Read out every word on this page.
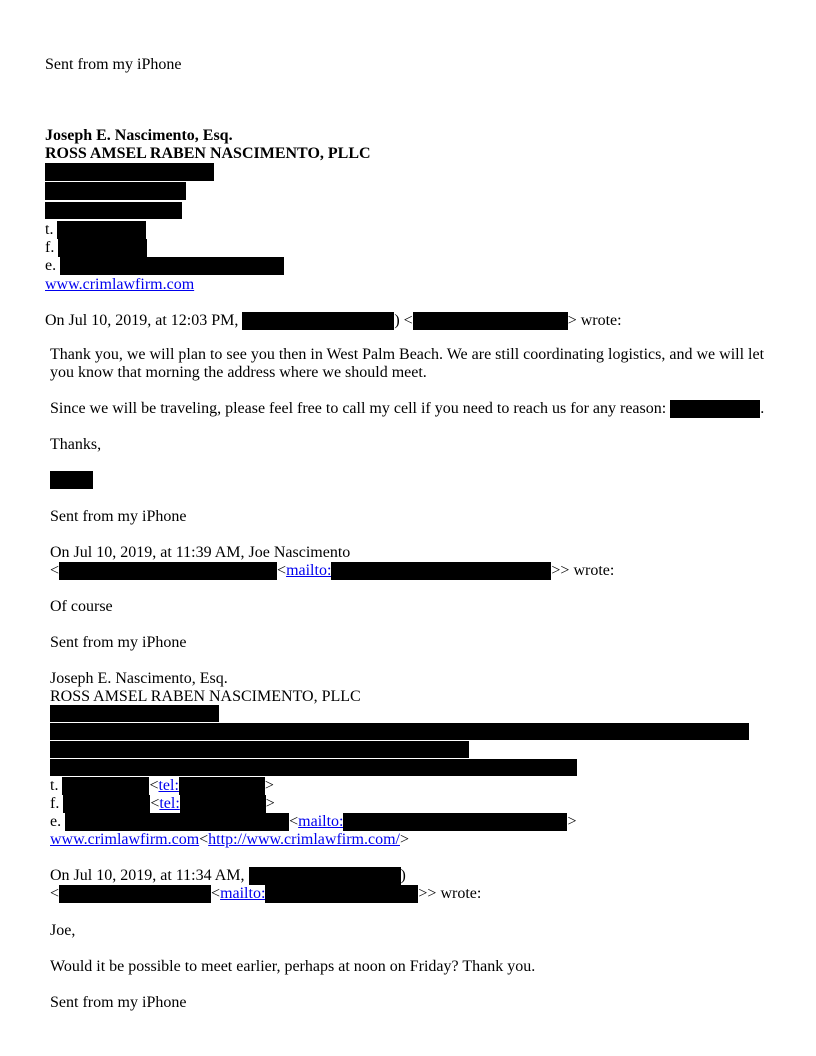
Sent from my iPhone
Joseph E. Nascimento, Esq.
ROSS AMSEL RABEN NASCIMENTO, PLLC
t.
f.
e.
www.crimlawfirm.com
On Jul 10, 2019, at 12:03 PM,	) <	> wrote:
Thank you, we will plan to see you then in West Palm Beach. We are still coordinating logistics, and we will let
you know that morning the address where we should meet.
Since we will be traveling, please feel free to call my cell if you need to reach us for any reason:	.
Thanks,
Sent from my iPhone
On Jul 10, 2019, at 11:39 AM, Joe Nascimento
<	<mailto:	>> wrote:
Of course
Sent from my iPhone
Joseph E. Nascimento, Esq.
ROSS AMSEL RABEN NASCIMENTO, PLLC
t.	<tel:	>
f.	<tel:	>
e.	<mailto:	>
www.crimlawfirm.com<http://www.crimlawfirm.com/>
On Jul 10, 2019, at 11:34 AM,	)
<	<mailto:	>> wrote:
Joe,
Would it be possible to meet earlier, perhaps at noon on Friday? Thank you.
Sent from my iPhone
